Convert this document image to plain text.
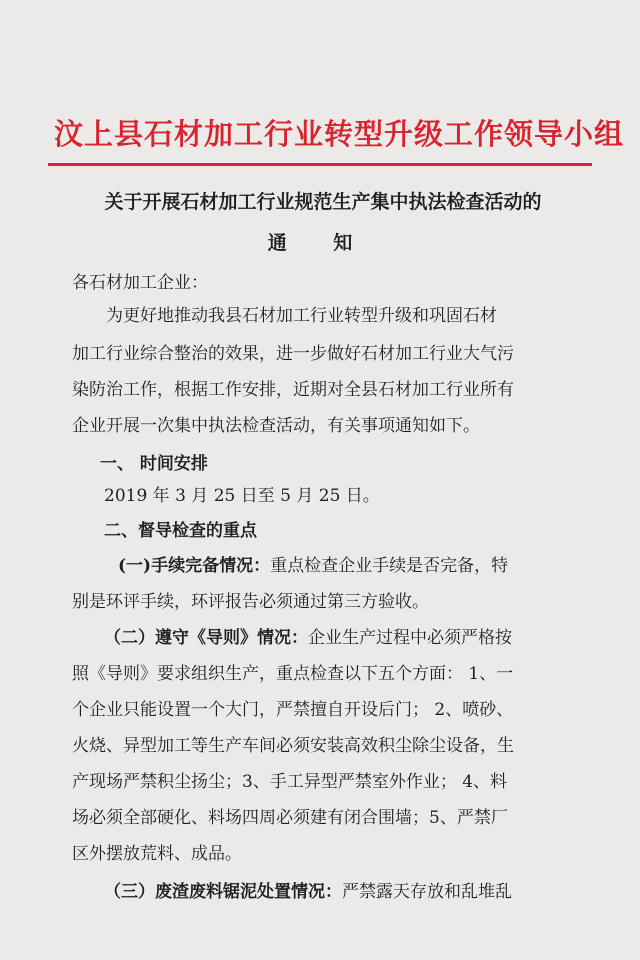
汶上县石材加工行业转型升级工作领导小组
关于开展石材加工行业规范生产集中执法检查活动的
通 知
各石材加工企业：
为更好地推动我县石材加工行业转型升级和巩固石材
加工行业综合整治的效果，进一步做好石材加工行业大气污
染防治工作，根据工作安排，近期对全县石材加工行业所有
企业开展一次集中执法检查活动，有关事项通知如下。
一、 时间安排
2019 年 3 月 25 日至 5 月 25 日。
二、督导检查的重点
(一)手续完备情况：重点检查企业手续是否完备，特
别是环评手续，环评报告必须通过第三方验收。
（二）遵守《导则》情况：企业生产过程中必须严格按
照《导则》要求组织生产，重点检查以下五个方面： 1、一
个企业只能设置一个大门，严禁擅自开设后门； 2、喷砂、
火烧、异型加工等生产车间必须安装高效积尘除尘设备，生
产现场严禁积尘扬尘；3、手工异型严禁室外作业； 4、料
场必须全部硬化、料场四周必须建有闭合围墙；5、严禁厂
区外摆放荒料、成品。
（三）废渣废料锯泥处置情况：严禁露天存放和乱堆乱
